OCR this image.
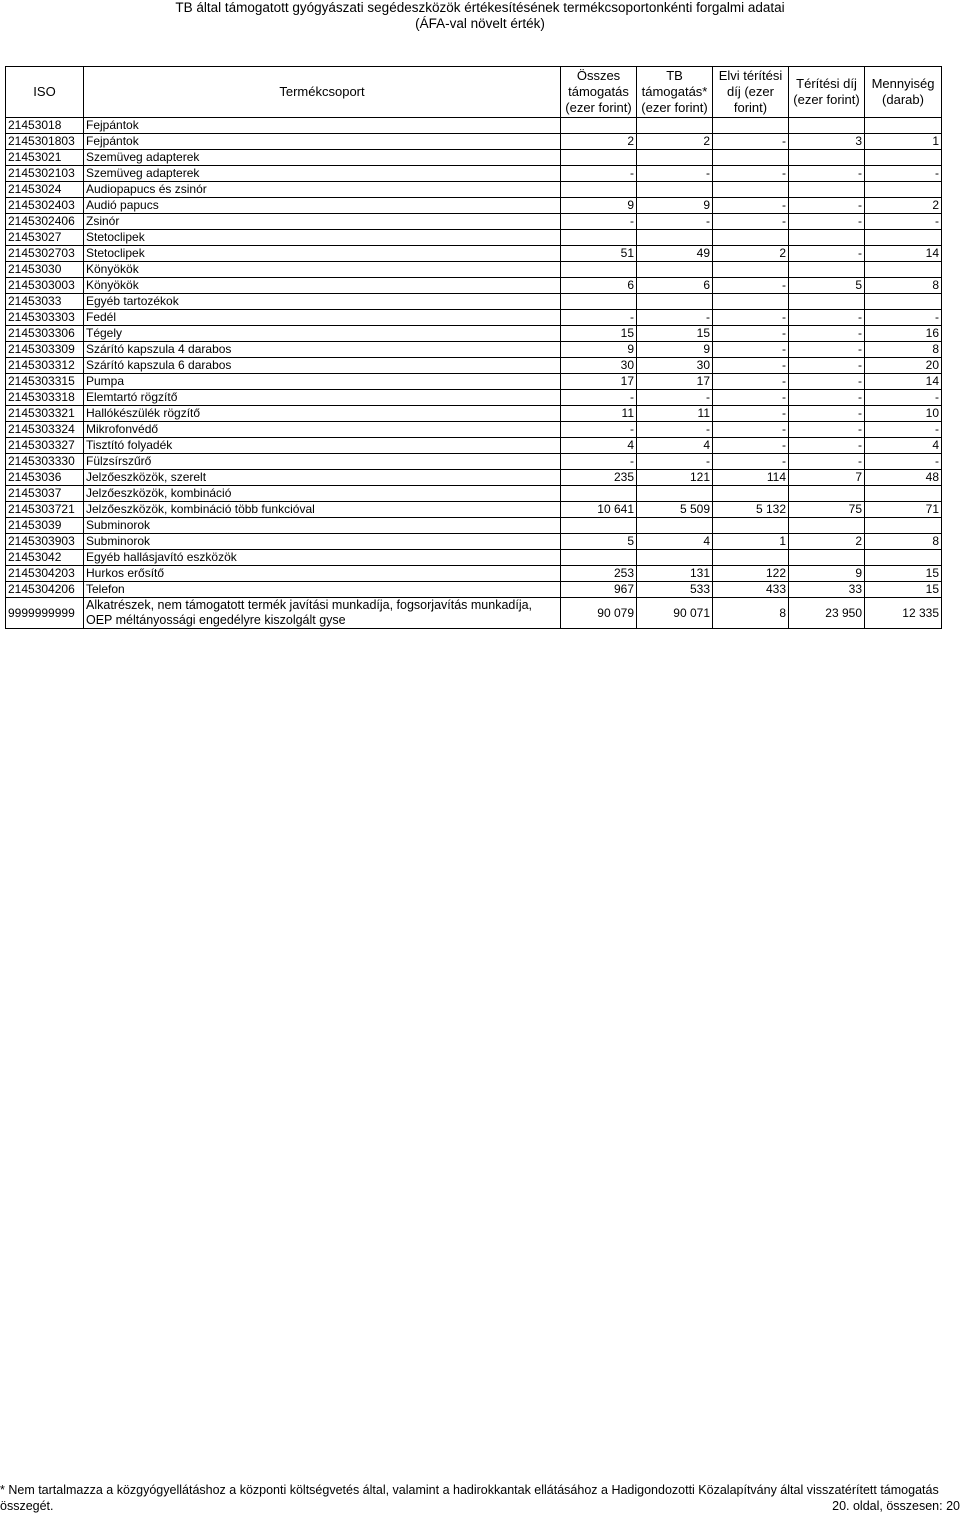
TB által támogatott gyógyászati segédeszközök értékesítésének termékcsoportonkénti forgalmi adatai
(ÁFA-val növelt érték)
ISO	Termékcsoport	Összes támogatás (ezer forint)	TB támogatás* (ezer forint)	Elvi térítési díj (ezer forint)	Térítési díj (ezer forint)	Mennyiség (darab)
21453018	Fejpántok					
2145301803	Fejpántok	2	2	-	3	1
21453021	Szemüveg adapterek					
2145302103	Szemüveg adapterek	-	-	-	-	-
21453024	Audiopapucs és zsinór					
2145302403	Audió papucs	9	9	-	-	2
2145302406	Zsinór	-	-	-	-	-
21453027	Stetoclipek					
2145302703	Stetoclipek	51	49	2	-	14
21453030	Könyökök					
2145303003	Könyökök	6	6	-	5	8
21453033	Egyéb tartozékok					
2145303303	Fedél	-	-	-	-	-
2145303306	Tégely	15	15	-	-	16
2145303309	Szárító kapszula 4 darabos	9	9	-	-	8
2145303312	Szárító kapszula 6 darabos	30	30	-	-	20
2145303315	Pumpa	17	17	-	-	14
2145303318	Elemtartó rögzítő	-	-	-	-	-
2145303321	Hallókészülék rögzítő	11	11	-	-	10
2145303324	Mikrofonvédő	-	-	-	-	-
2145303327	Tisztító folyadék	4	4	-	-	4
2145303330	Fülzsírszűrő	-	-	-	-	-
21453036	Jelzőeszközök, szerelt	235	121	114	7	48
21453037	Jelzőeszközök, kombináció					
2145303721	Jelzőeszközök, kombináció több funkcióval	10 641	5 509	5 132	75	71
21453039	Subminorok					
2145303903	Subminorok	5	4	1	2	8
21453042	Egyéb hallásjavító eszközök					
2145304203	Hurkos erősítő	253	131	122	9	15
2145304206	Telefon	967	533	433	33	15
9999999999	Alkatrészek, nem támogatott termék javítási munkadíja, fogsorjavítás munkadíja, OEP méltányossági engedélyre kiszolgált gyse	90 079	90 071	8	23 950	12 335
* Nem tartalmazza a közgyógyellátáshoz a központi költségvetés által, valamint a hadirokkantak ellátásához a Hadigondozotti Közalapítvány által visszatérített támogatás
összegét.	20. oldal, összesen: 20
